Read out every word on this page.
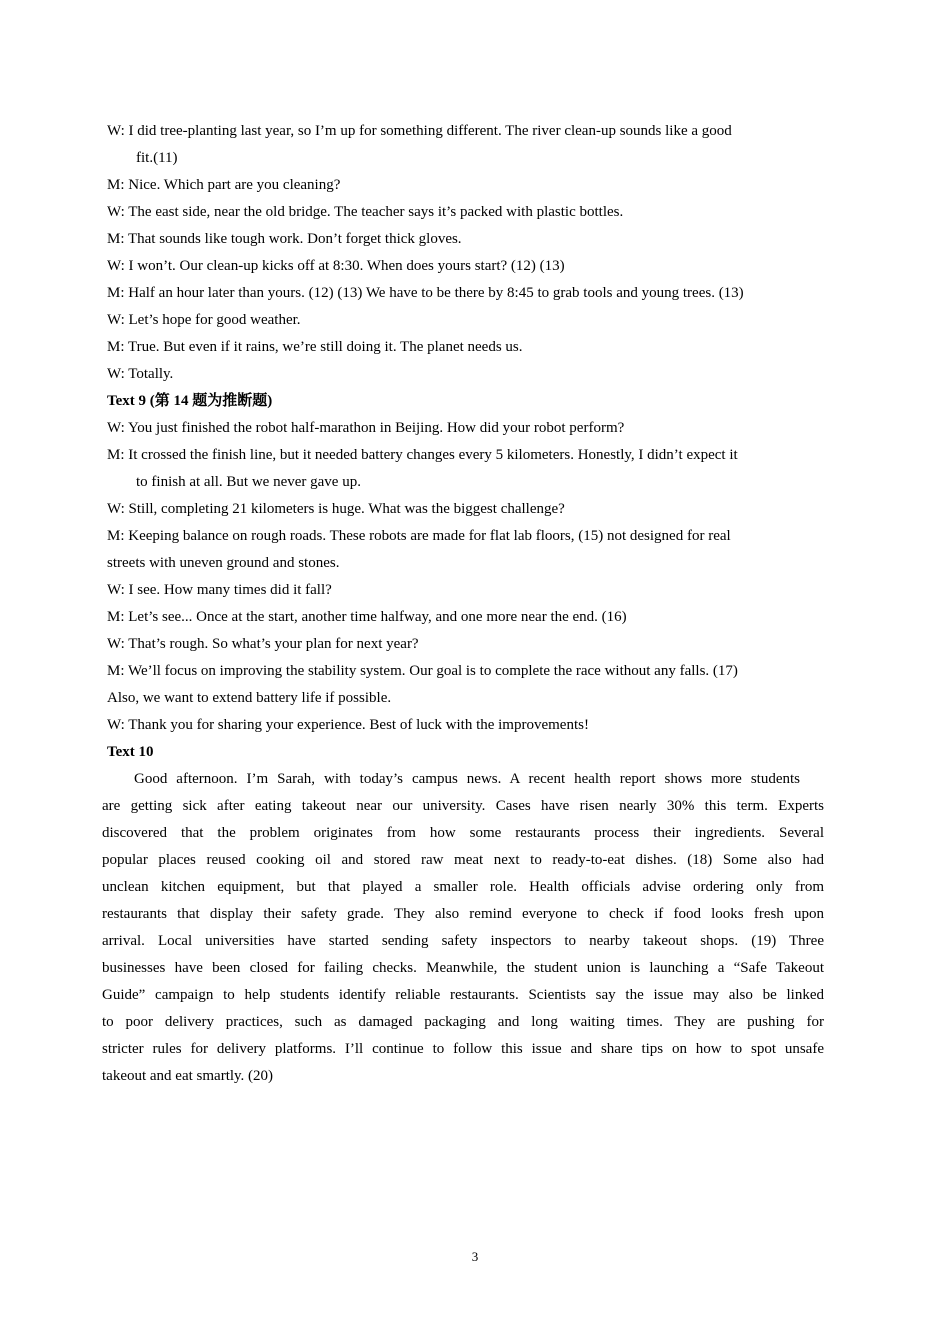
W: I did tree-planting last year, so I’m up for something different. The river clean-up sounds like a good
fit.(11)
M: Nice. Which part are you cleaning?
W: The east side, near the old bridge. The teacher says it’s packed with plastic bottles.
M: That sounds like tough work. Don’t forget thick gloves.
W: I won’t. Our clean-up kicks off at 8:30. When does yours start? (12) (13)
M: Half an hour later than yours. (12) (13) We have to be there by 8:45 to grab tools and young trees. (13)
W: Let’s hope for good weather.
M: True. But even if it rains, we’re still doing it. The planet needs us.
W: Totally.
Text 9 (第 14 题为推断题)
W: You just finished the robot half-marathon in Beijing. How did your robot perform?
M: It crossed the finish line, but it needed battery changes every 5 kilometers. Honestly, I didn’t expect it
to finish at all. But we never gave up.
W: Still, completing 21 kilometers is huge. What was the biggest challenge?
M: Keeping balance on rough roads. These robots are made for flat lab floors, (15) not designed for real
streets with uneven ground and stones.
W: I see. How many times did it fall?
M: Let’s see... Once at the start, another time halfway, and one more near the end. (16)
W: That’s rough. So what’s your plan for next year?
M: We’ll focus on improving the stability system. Our goal is to complete the race without any falls. (17)
Also, we want to extend battery life if possible.
W: Thank you for sharing your experience. Best of luck with the improvements!
Text 10
Good afternoon. I’m Sarah, with today’s campus news. A recent health report shows more students
are getting sick after eating takeout near our university. Cases have risen nearly 30% this term. Experts
discovered that the problem originates from how some restaurants process their ingredients. Several
popular places reused cooking oil and stored raw meat next to ready-to-eat dishes. (18) Some also had
unclean kitchen equipment, but that played a smaller role. Health officials advise ordering only from
restaurants that display their safety grade. They also remind everyone to check if food looks fresh upon
arrival. Local universities have started sending safety inspectors to nearby takeout shops. (19) Three
businesses have been closed for failing checks. Meanwhile, the student union is launching a “Safe Takeout
Guide” campaign to help students identify reliable restaurants. Scientists say the issue may also be linked
to poor delivery practices, such as damaged packaging and long waiting times. They are pushing for
stricter rules for delivery platforms. I’ll continue to follow this issue and share tips on how to spot unsafe
takeout and eat smartly. (20)
3
